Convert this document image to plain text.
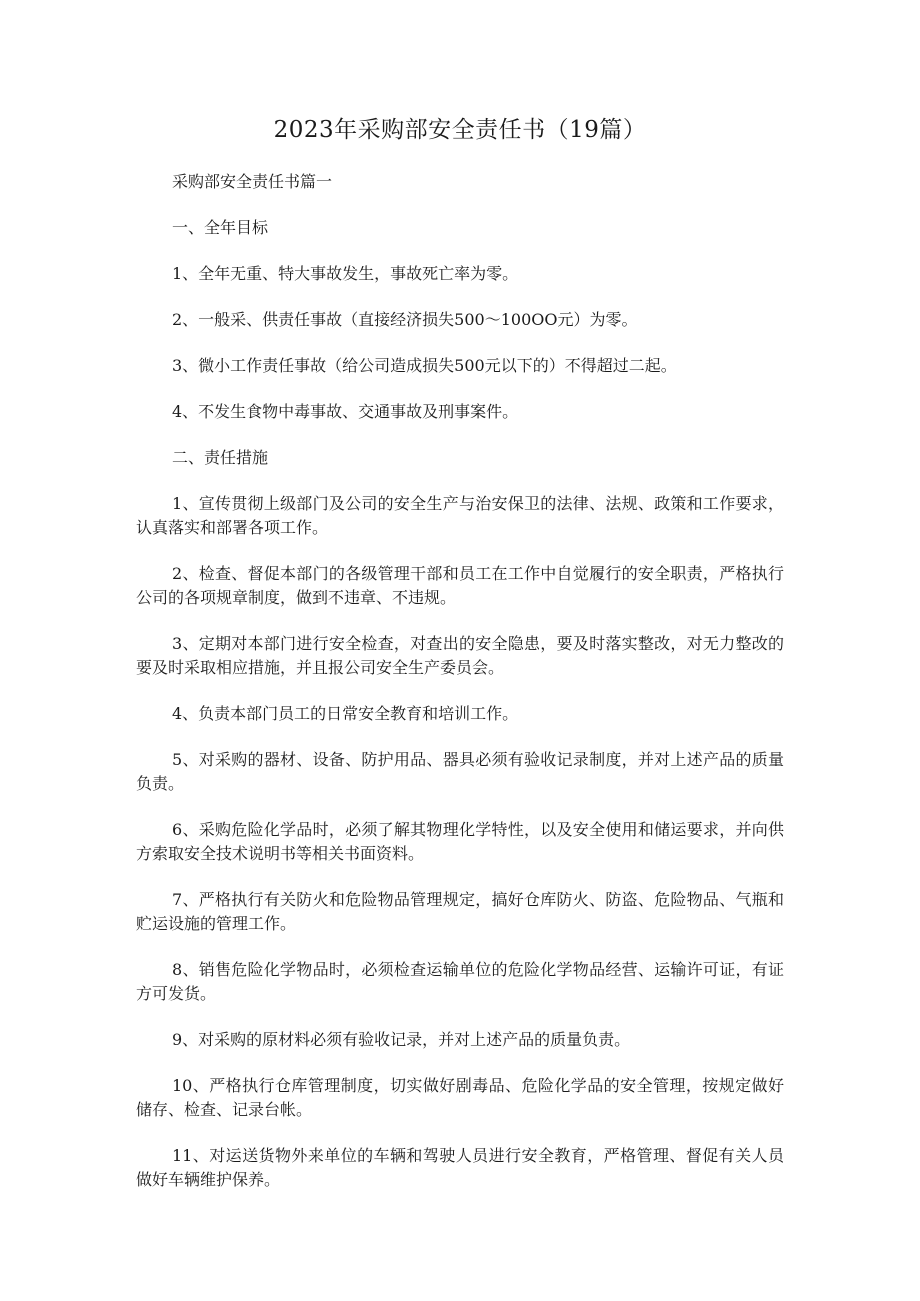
2023年采购部安全责任书（19篇）

采购部安全责任书篇一

一、全年目标

1、全年无重、特大事故发生，事故死亡率为零。

2、一般采、供责任事故（直接经济损失500～100OO元）为零。

3、微小工作责任事故（给公司造成损失500元以下的）不得超过二起。

4、不发生食物中毒事故、交通事故及刑事案件。

二、责任措施

1、宣传贯彻上级部门及公司的安全生产与治安保卫的法律、法规、政策和工作要求，认真落实和部署各项工作。

2、检查、督促本部门的各级管理干部和员工在工作中自觉履行的安全职责，严格执行公司的各项规章制度，做到不违章、不违规。

3、定期对本部门进行安全检查，对查出的安全隐患，要及时落实整改，对无力整改的要及时采取相应措施，并且报公司安全生产委员会。

4、负责本部门员工的日常安全教育和培训工作。

5、对采购的器材、设备、防护用品、器具必须有验收记录制度，并对上述产品的质量负责。

6、采购危险化学品时，必须了解其物理化学特性，以及安全使用和储运要求，并向供方索取安全技术说明书等相关书面资料。

7、严格执行有关防火和危险物品管理规定，搞好仓库防火、防盗、危险物品、气瓶和贮运设施的管理工作。

8、销售危险化学物品时，必须检查运输单位的危险化学物品经营、运输许可证，有证方可发货。

9、对采购的原材料必须有验收记录，并对上述产品的质量负责。

10、严格执行仓库管理制度，切实做好剧毒品、危险化学品的安全管理，按规定做好储存、检查、记录台帐。

11、对运送货物外来单位的车辆和驾驶人员进行安全教育，严格管理、督促有关人员做好车辆维护保养。
